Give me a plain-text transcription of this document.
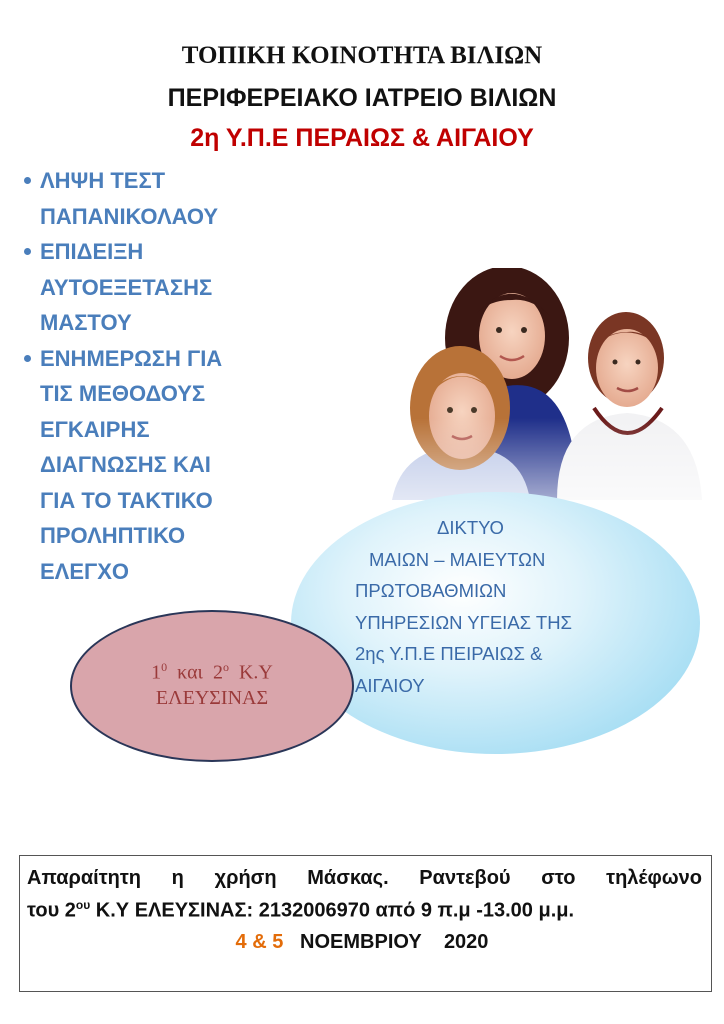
ΤΟΠΙΚΗ ΚΟΙΝΟΤΗΤΑ ΒΙΛΙΩΝ
ΠΕΡΙΦΕΡΕΙΑΚΟ ΙΑΤΡΕΙΟ ΒΙΛΙΩΝ
2η Υ.Π.Ε ΠΕΡΑΙΩΣ & ΑΙΓΑΙΟΥ
ΛΗΨΗ ΤΕΣΤ
ΠΑΠΑΝΙΚΟΛΑΟΥ
ΕΠΙΔΕΙΞΗ
ΑΥΤΟΕΞΕΤΑΣΗΣ
ΜΑΣΤΟΥ
ΕΝΗΜΕΡΩΣΗ ΓΙΑ
ΤΙΣ ΜΕΘΟΔΟΥΣ
ΕΓΚΑΙΡΗΣ
ΔΙΑΓΝΩΣΗΣ ΚΑΙ
ΓΙΑ ΤΟ ΤΑΚΤΙΚΟ
ΠΡΟΛΗΠΤΙΚΟ
ΕΛΕΓΧΟ
ΔΙΚΤΥΟ
ΜΑΙΩΝ – ΜΑΙΕΥΤΩΝ
ΠΡΩΤΟΒΑΘΜΙΩΝ
ΥΠΗΡΕΣΙΩΝ ΥΓΕΙΑΣ ΤΗΣ
2ης Υ.Π.Ε ΠΕΙΡΑΙΩΣ &
ΑΙΓΑΙΟΥ
$1^0$ και $2^o$ Κ.Υ
ΕΛΕΥΣΙΝΑΣ
Απαραίτητη η χρήση Μάσκας. Ραντεβού στο τηλέφωνο
του $2^{o\upsilon}$ Κ.Υ ΕΛΕΥΣΙΝΑΣ: 2132006970 από 9 π.μ -13.00 μ.μ.
4 & 5 ΝΟΕΜΒΡΙΟΥ    2020
